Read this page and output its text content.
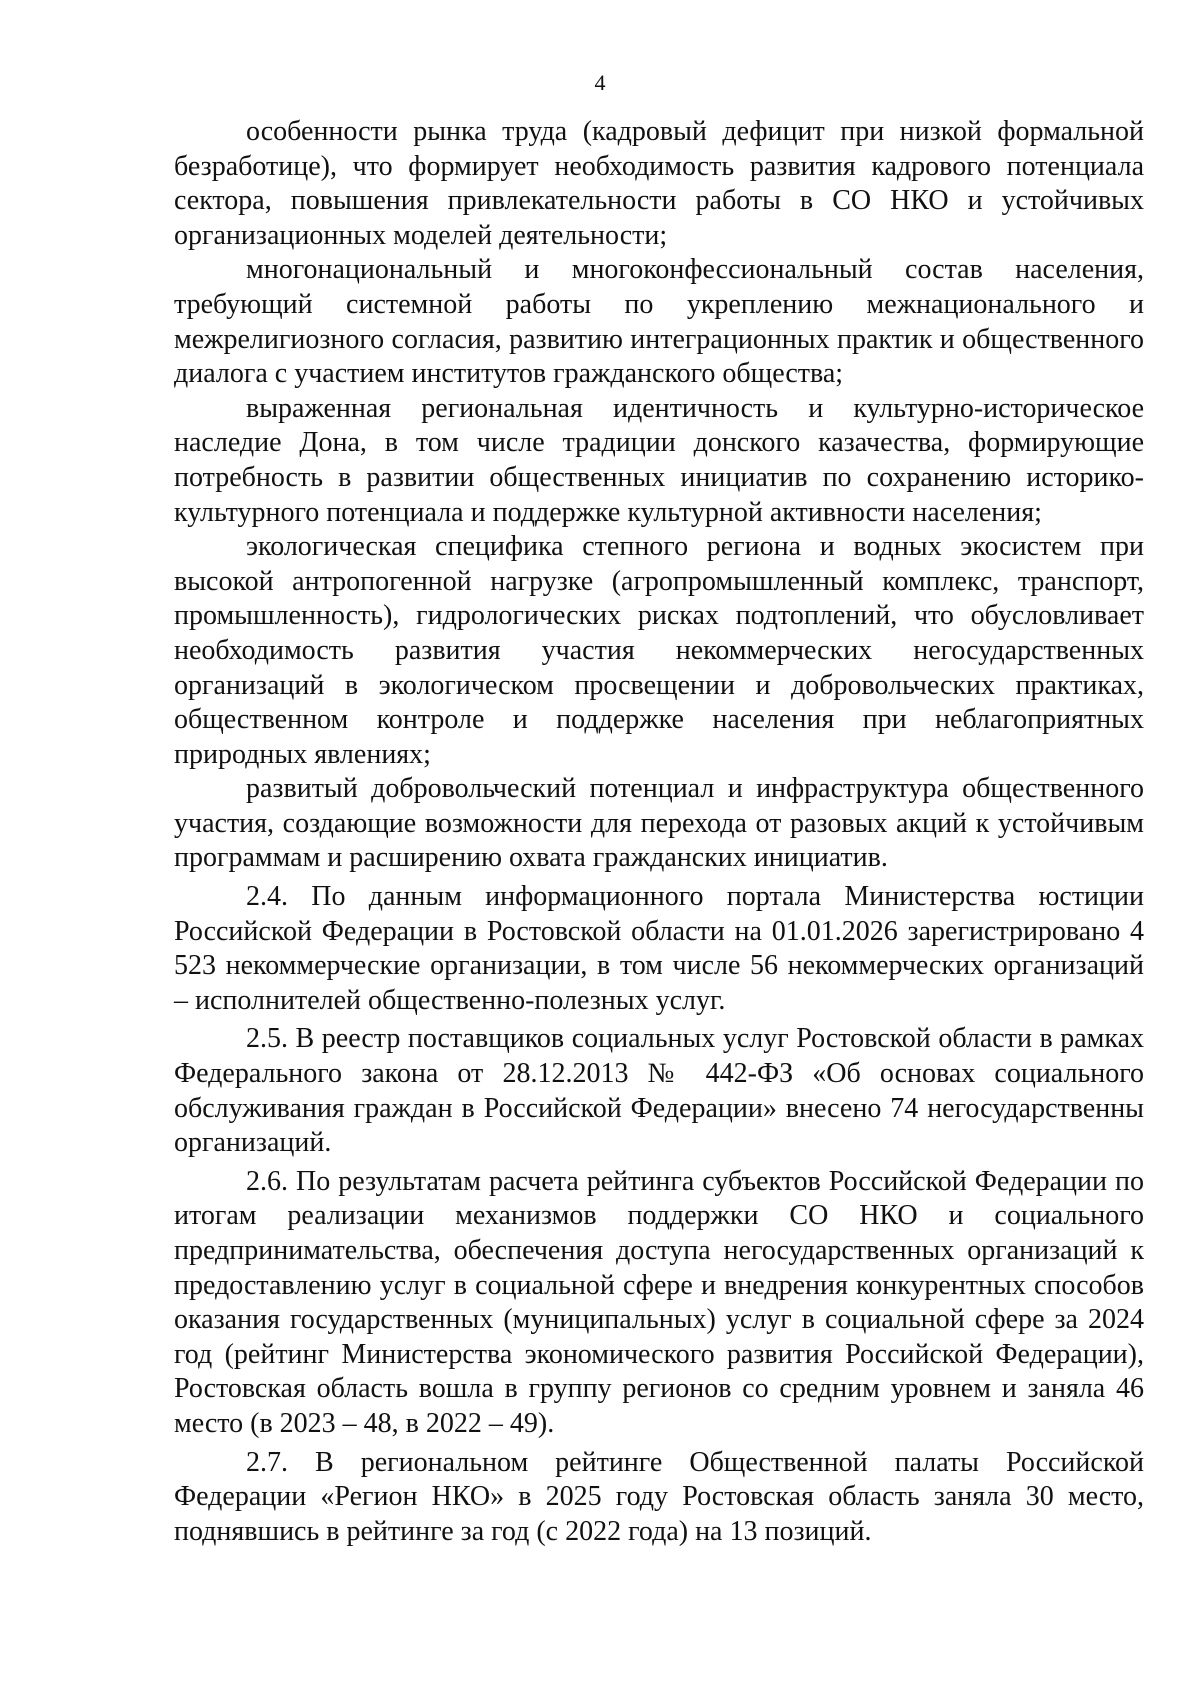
4

особенности рынка труда (кадровый дефицит при низкой формальной безработице), что формирует необходимость развития кадрового потенциала сектора, повышения привлекательности работы в СО НКО и устойчивых организационных моделей деятельности;

многонациональный и многоконфессиональный состав населения, требующий системной работы по укреплению межнационального и межрелигиозного согласия, развитию интеграционных практик и общественного диалога с участием институтов гражданского общества;

выраженная региональная идентичность и культурно-историческое наследие Дона, в том числе традиции донского казачества, формирующие потребность в развитии общественных инициатив по сохранению историко-культурного потенциала и поддержке культурной активности населения;

экологическая специфика степного региона и водных экосистем при высокой антропогенной нагрузке (агропромышленный комплекс, транспорт, промышленность), гидрологических рисках подтоплений, что обусловливает необходимость развития участия некоммерческих негосударственных организаций в экологическом просвещении и добровольческих практиках, общественном контроле и поддержке населения при неблагоприятных природных явлениях;

развитый добровольческий потенциал и инфраструктура общественного участия, создающие возможности для перехода от разовых акций к устойчивым программам и расширению охвата гражданских инициатив.

2.4. По данным информационного портала Министерства юстиции Российской Федерации в Ростовской области на 01.01.2026 зарегистрировано 4 523 некоммерческие организации, в том числе 56 некоммерческих организаций – исполнителей общественно-полезных услуг.

2.5. В реестр поставщиков социальных услуг Ростовской области в рамках Федерального закона от 28.12.2013 № 442-ФЗ «Об основах социального обслуживания граждан в Российской Федерации» внесено 74 негосударственны организаций.

2.6. По результатам расчета рейтинга субъектов Российской Федерации по итогам реализации механизмов поддержки СО НКО и социального предпринимательства, обеспечения доступа негосударственных организаций к предоставлению услуг в социальной сфере и внедрения конкурентных способов оказания государственных (муниципальных) услуг в социальной сфере за 2024 год (рейтинг Министерства экономического развития Российской Федерации), Ростовская область вошла в группу регионов со средним уровнем и заняла 46 место (в 2023 – 48, в 2022 – 49).

2.7. В региональном рейтинге Общественной палаты Российской Федерации «Регион НКО» в 2025 году Ростовская область заняла 30 место, поднявшись в рейтинге за год (с 2022 года) на 13 позиций.
